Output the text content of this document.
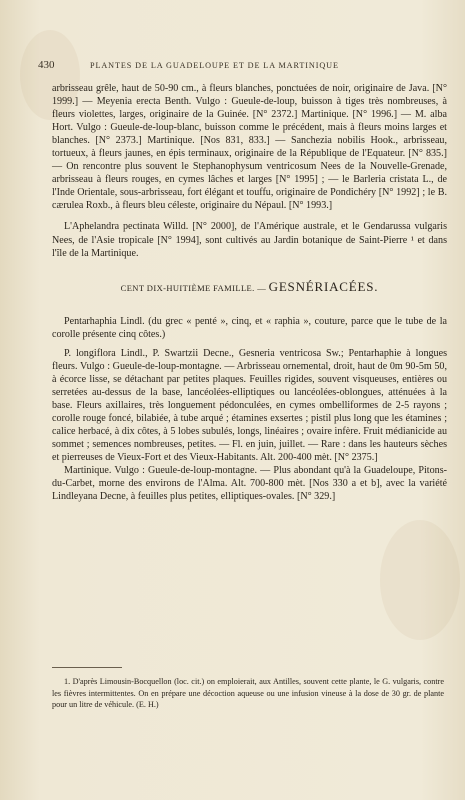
430	PLANTES DE LA GUADELOUPE ET DE LA MARTINIQUE

arbrisseau grêle, haut de 50-90 cm., à fleurs blanches, ponctuées de noir, originaire de Java. [N° 1999.] — Meyenia erecta Benth. Vulgo : Gueule-de-loup, buisson à tiges très nombreuses, à fleurs violettes, larges, originaire de la Guinée. [N° 2372.] Martinique. [N° 1996.] — M. alba Hort. Vulgo : Gueule-de-loup-blanc, buisson comme le précédent, mais à fleurs moins larges et blanches. [N° 2373.] Martinique. [Nos 831, 833.] — Sanchezia nobilis Hook., arbrisseau, tortueux, à fleurs jaunes, en épis terminaux, originaire de la République de l'Equateur. [N° 835.] — On rencontre plus souvent le Stephanophysum ventricosum Nees de la Nouvelle-Grenade, arbrisseau à fleurs rouges, en cymes lâches et larges [N° 1995] ; — le Barleria cristata L., de l'Inde Orientale, sous-arbrisseau, fort élégant et touffu, originaire de Pondichéry [N° 1992] ; le B. cærulea Roxb., à fleurs bleu céleste, originaire du Népaul. [N° 1993.]

L'Aphelandra pectinata Willd. [N° 2000], de l'Amérique australe, et le Gendarussa vulgaris Nees, de l'Asie tropicale [N° 1994], sont cultivés au Jardin botanique de Saint-Pierre ¹ et dans l'île de la Martinique.

CENT DIX-HUITIÈME FAMILLE. — GESNÉRIACÉES.

Pentarhaphia Lindl. (du grec « penté », cinq, et « raphia », couture, parce que le tube de la corolle présente cinq côtes.)

P. longiflora Lindl., P. Swartzii Decne., Gesneria ventricosa Sw.; Pentarhaphie à longues fleurs. Vulgo : Gueule-de-loup-montagne. — Arbrisseau ornemental, droit, haut de 0m 90-5m 50, à écorce lisse, se détachant par petites plaques. Feuilles rigides, souvent visqueuses, entières ou serretées au-dessus de la base, lancéolées-elliptiques ou lancéolées-oblongues, atténuées à la base. Fleurs axillaires, très longuement pédonculées, en cymes ombelliformes de 2-5 rayons ; corolle rouge foncé, bilabiée, à tube arqué ; étamines exsertes ; pistil plus long que les étamines ; calice herbacé, à dix côtes, à 5 lobes subulés, longs, linéaires ; ovaire infère. Fruit médianicide au sommet ; semences nombreuses, petites. — Fl. en juin, juillet. — Rare : dans les hauteurs sèches et pierreuses de Vieux-Fort et des Vieux-Habitants. Alt. 200-400 mèt. [N° 2375.]

Martinique. Vulgo : Gueule-de-loup-montagne. — Plus abondant qu'à la Guadeloupe, Pitons-du-Carbet, morne des environs de l'Alma. Alt. 700-800 mèt. [Nos 330 a et b], avec la variété Lindleyana Decne, à feuilles plus petites, elliptiques-ovales. [N° 329.]

1. D'après Limousin-Bocquellon (loc. cit.) on emploierait, aux Antilles, souvent cette plante, le G. vulgaris, contre les fièvres intermittentes. On en prépare une décoction aqueuse ou une infusion vineuse à la dose de 30 gr. de plante pour un litre de véhicule. (E. H.)
